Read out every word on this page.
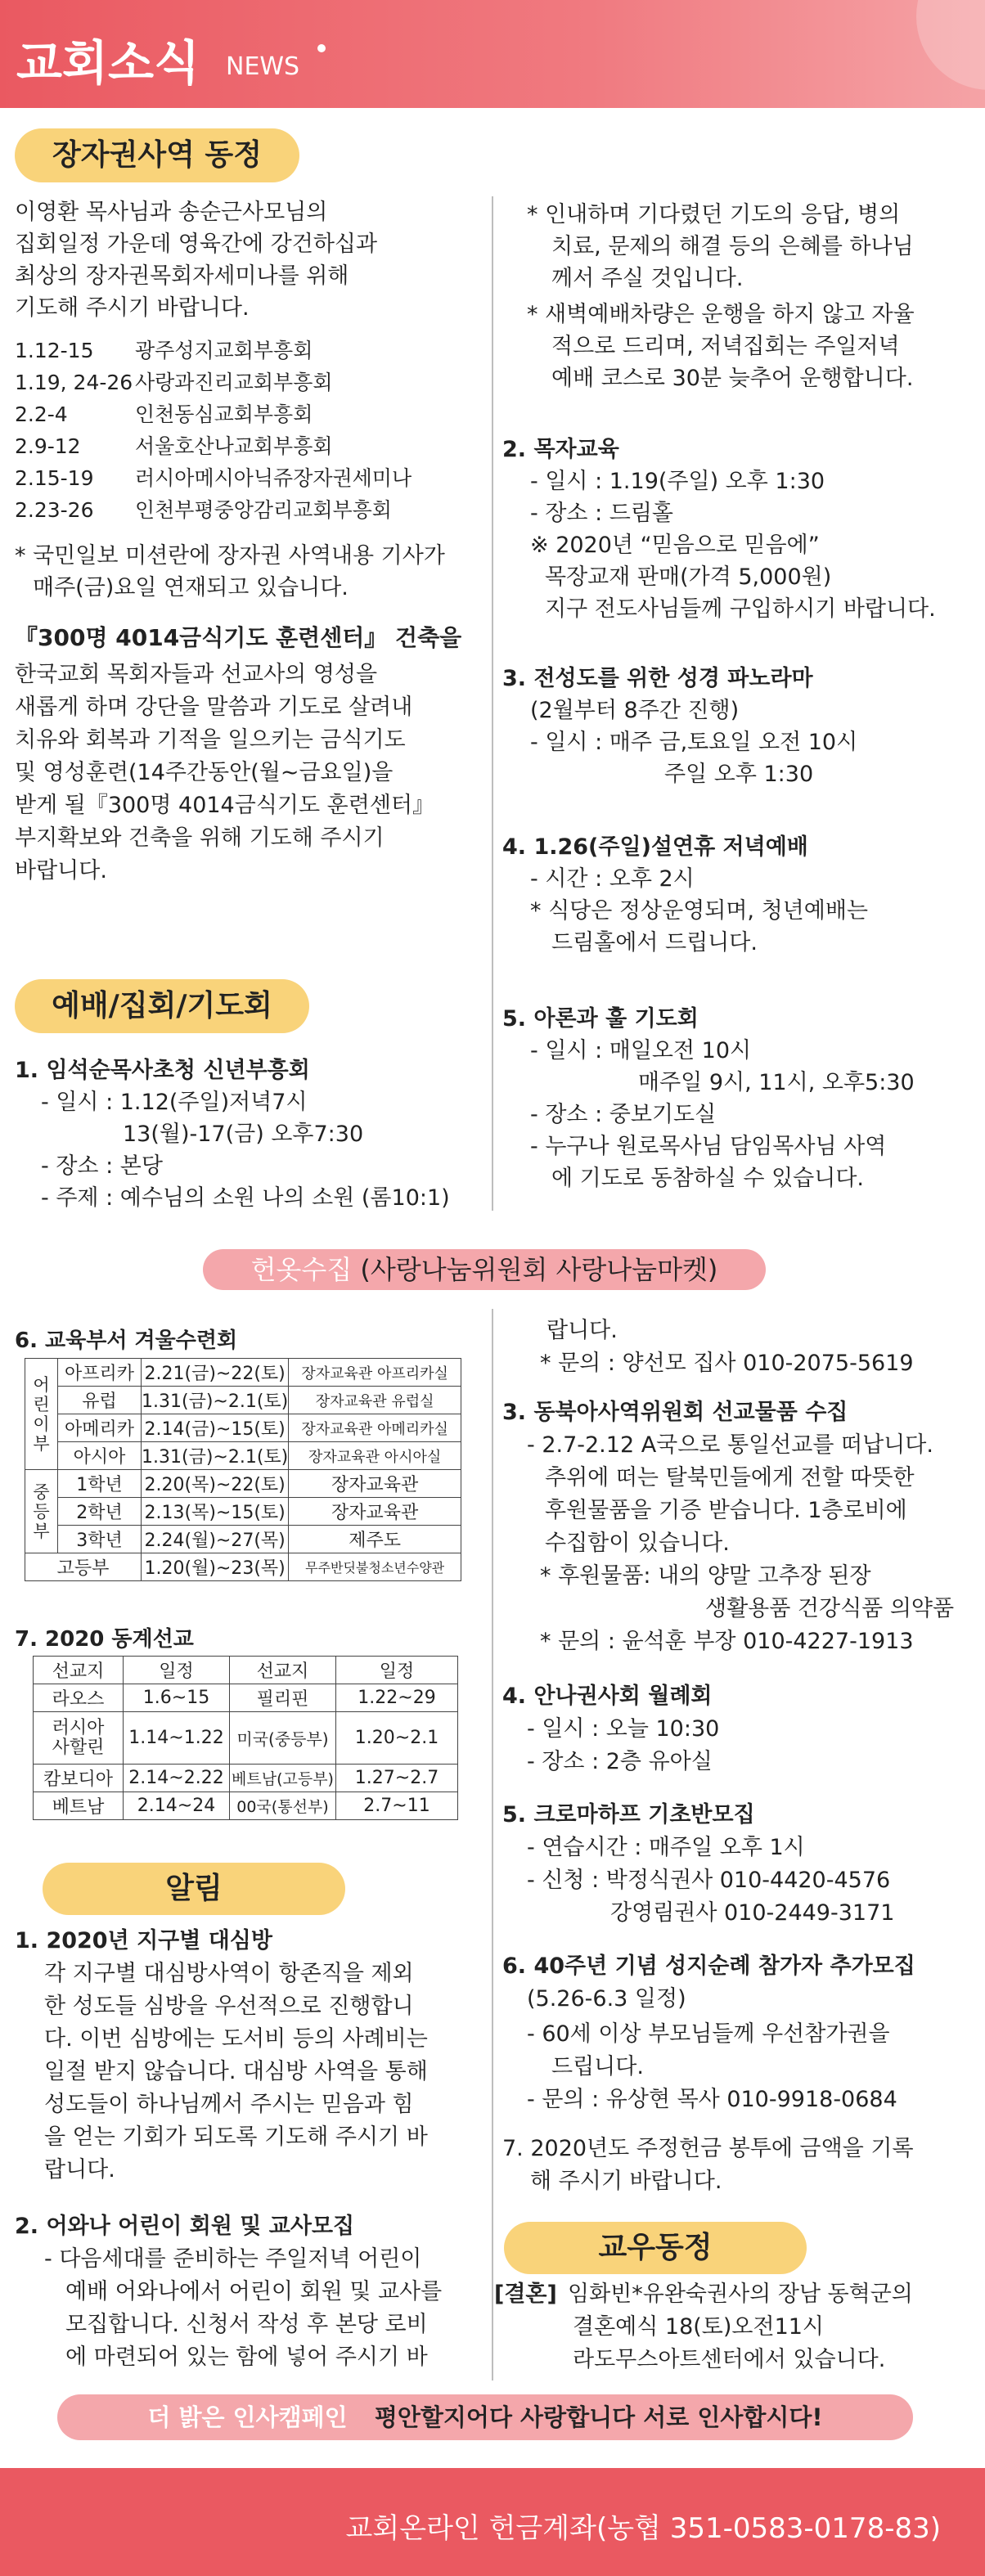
교회소식 NEWS
장자권사역 동정
이영환 목사님과 송순근사모님의
집회일정 가운데 영육간에 강건하십과
최상의 장자권목회자세미나를 위해
기도해 주시기 바랍니다.
1.12-15 광주성지교회부흥회
1.19, 24-26 사랑과진리교회부흥회
2.2-4	인천동심교회부흥회
2.9-12	서울호산나교회부흥회
2.15-19 러시아메시아닉쥬장자권세미나
2.23-26 인천부평중앙감리교회부흥회
* 국민일보 미션란에 장자권 사역내용 기사가
매주(금)요일 연재되고 있습니다.
『300명 4014금식기도 훈련센터』 건축을
한국교회 목회자들과 선교사의 영성을
새롭게 하며 강단을 말씀과 기도로 살려내
치유와 회복과 기적을 일으키는 금식기도
및 영성훈련(14주간동안(월~금요일)을
받게 될『300명 4014금식기도 훈련센터』
부지확보와 건축을 위해 기도해 주시기
바랍니다.
예배/집회/기도회
1. 임석순목사초청 신년부흥회
- 일시 : 1.12(주일)저녁7시
13(월)-17(금) 오후7:30
- 장소 : 본당
- 주제 : 예수님의 소원 나의 소원 (롬10:1)
* 인내하며 기다렸던 기도의 응답, 병의
치료, 문제의 해결 등의 은혜를 하나님
께서 주실 것입니다.
* 새벽예배차량은 운행을 하지 않고 자율
적으로 드리며, 저녁집회는 주일저녁
예배 코스로 30분 늦추어 운행합니다.
2. 목자교육
- 일시 : 1.19(주일) 오후 1:30
- 장소 : 드림홀
※ 2020년 “믿음으로 믿음에”
목장교재 판매(가격 5,000원)
지구 전도사님들께 구입하시기 바랍니다.
3. 전성도를 위한 성경 파노라마
(2월부터 8주간 진행)
- 일시 : 매주 금,토요일 오전 10시
주일 오후 1:30
4. 1.26(주일)설연휴 저녁예배
- 시간 : 오후 2시
* 식당은 정상운영되며, 청년예배는
드림홀에서 드립니다.
5. 아론과 훌 기도회
- 일시 : 매일오전 10시
매주일 9시, 11시, 오후5:30
- 장소 : 중보기도실
- 누구나 원로목사님 담임목사님 사역
에 기도로 동참하실 수 있습니다.
헌옷수집 (사랑나눔위원회 사랑나눔마켓)
6. 교육부서 겨울수련회
어린이부	아프리카	2.21(금)~22(토)	장자교육관 아프리카실
	유럽	1.31(금)~2.1(토)	장자교육관 유럽실
	아메리카	2.14(금)~15(토)	장자교육관 아메리카실
	아시아	1.31(금)~2.1(토)	장자교육관 아시아실
중등부	1학년	2.20(목)~22(토)	장자교육관
	2학년	2.13(목)~15(토)	장자교육관
	3학년	2.24(월)~27(목)	제주도
고등부		1.20(월)~23(목)	무주반딧불청소년수양관
7. 2020 동계선교
선교지	일정	선교지	일정
라오스	1.6~15	필리핀	1.22~29
러시아 사할린	1.14~1.22	미국(중등부)	1.20~2.1
캄보디아	2.14~2.22	베트남(고등부)	1.27~2.7
베트남	2.14~24	00국(통선부)	2.7~11
알림
1. 2020년 지구별 대심방
각 지구별 대심방사역이 항존직을 제외
한 성도들 심방을 우선적으로 진행합니
다. 이번 심방에는 도서비 등의 사례비는
일절 받지 않습니다. 대심방 사역을 통해
성도들이 하나님께서 주시는 믿음과 힘
을 얻는 기회가 되도록 기도해 주시기 바
랍니다.
2. 어와나 어린이 회원 및 교사모집
- 다음세대를 준비하는 주일저녁 어린이
예배 어와나에서 어린이 회원 및 교사를
모집합니다. 신청서 작성 후 본당 로비
에 마련되어 있는 함에 넣어 주시기 바
랍니다.
* 문의 : 양선모 집사 010-2075-5619
3. 동북아사역위원회 선교물품 수집
- 2.7-2.12 A국으로 통일선교를 떠납니다.
추위에 떠는 탈북민들에게 전할 따뜻한
후원물품을 기증 받습니다. 1층로비에
수집함이 있습니다.
* 후원물품: 내의 양말 고추장 된장
생활용품 건강식품 의약품
* 문의 : 윤석훈 부장 010-4227-1913
4. 안나권사회 월례회
- 일시 : 오늘 10:30
- 장소 : 2층 유아실
5. 크로마하프 기초반모집
- 연습시간 : 매주일 오후 1시
- 신청 : 박정식권사 010-4420-4576
강영림권사 010-2449-3171
6. 40주년 기념 성지순례 참가자 추가모집
(5.26-6.3 일정)
- 60세 이상 부모님들께 우선참가권을
드립니다.
- 문의 : 유상현 목사 010-9918-0684
7. 2020년도 주정헌금 봉투에 금액을 기록
해 주시기 바랍니다.
교우동정
[결혼] 임화빈*유완숙권사의 장남 동혁군의
결혼예식 18(토)오전11시
라도무스아트센터에서 있습니다.
더 밝은 인사캠페인 평안할지어다 사랑합니다 서로 인사합시다!
교회온라인 헌금계좌(농협 351-0583-0178-83)
